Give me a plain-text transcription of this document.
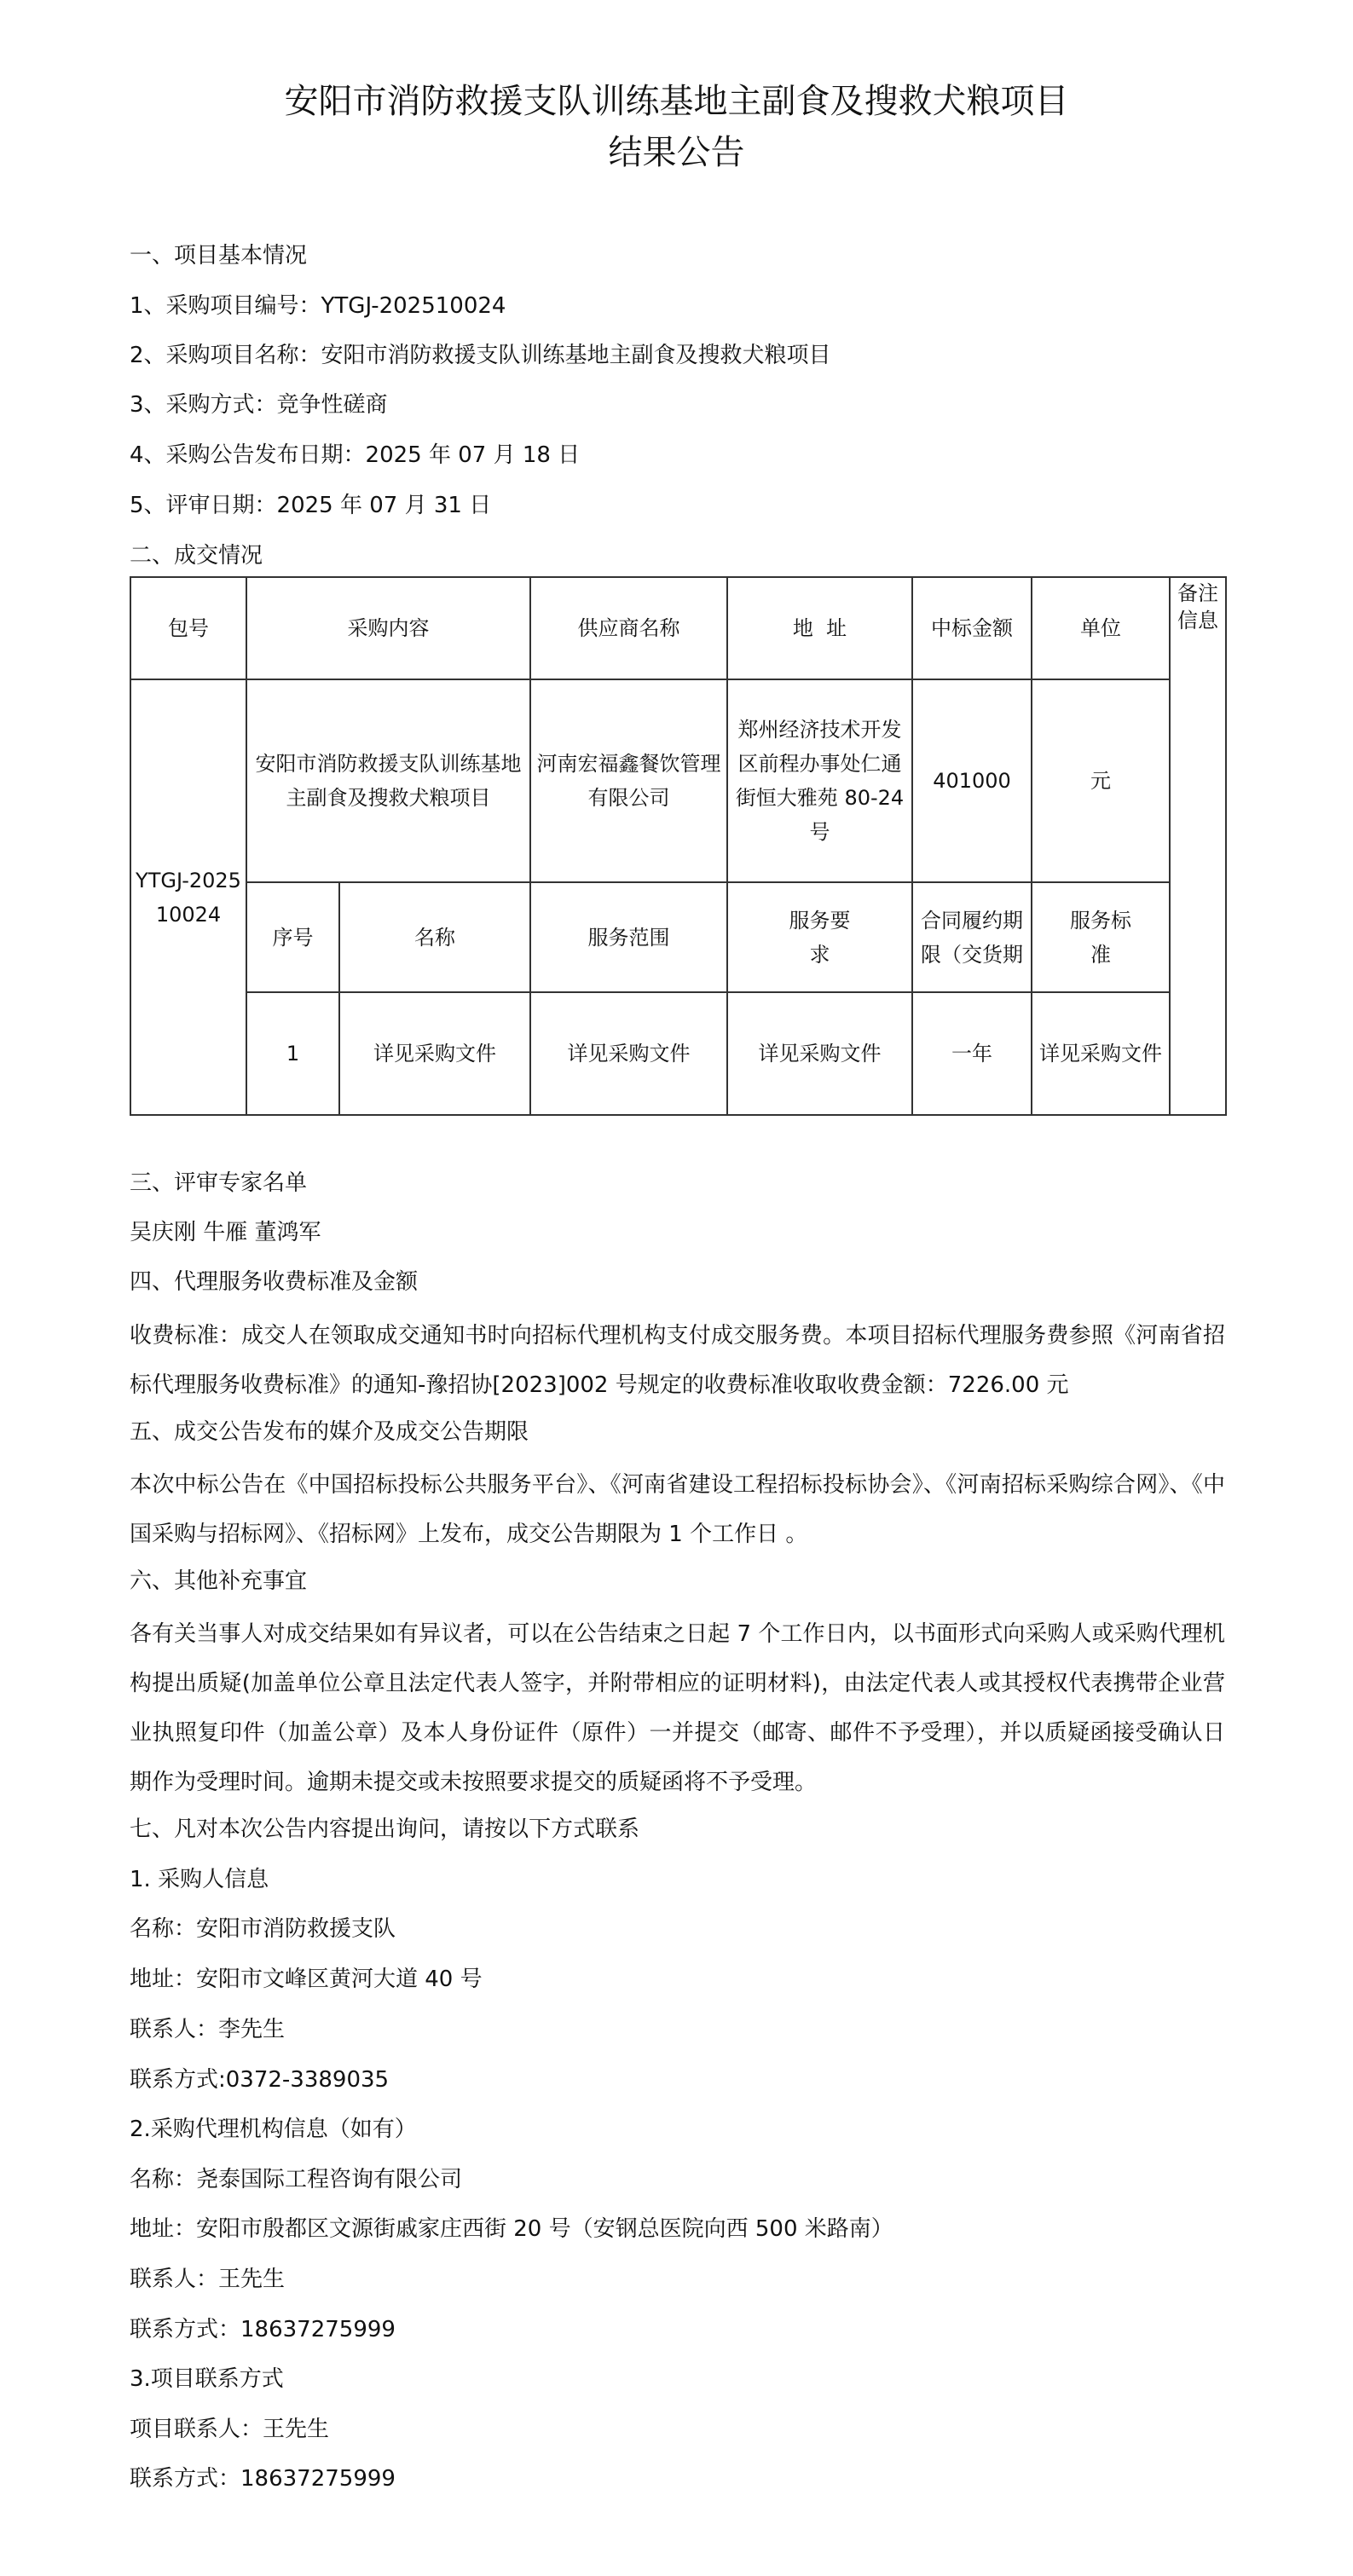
安阳市消防救援支队训练基地主副食及搜救犬粮项目
结果公告
一、项目基本情况
1、采购项目编号：YTGJ-202510024
2、采购项目名称：安阳市消防救援支队训练基地主副食及搜救犬粮项目
3、采购方式：竞争性磋商
4、采购公告发布日期：2025 年 07 月 18 日
5、评审日期：2025 年 07 月 31 日
二、成交情况
包号	采购内容		供应商名称	地  址	中标金额	单位	备注信息
YTGJ-202510024	安阳市消防救援支队训练基地主副食及搜救犬粮项目		河南宏福鑫餐饮管理有限公司	郑州经济技术开发区前程办事处仁通街恒大雅苑 80-24 号	401000	元	
	序号	名称	服务范围	服务要求	合同履约期限（交货期	服务标准	
	1	详见采购文件	详见采购文件	详见采购文件	一年	详见采购文件	
三、评审专家名单
吴庆刚 牛雁 董鸿军
四、代理服务收费标准及金额
收费标准：成交人在领取成交通知书时向招标代理机构支付成交服务费。本项目招标代理服务费参照《河南省招标代理服务收费标准》的通知-豫招协[2023]002 号规定的收费标准收取收费金额：7226.00 元
五、成交公告发布的媒介及成交公告期限
本次中标公告在《中国招标投标公共服务平台》、《河南省建设工程招标投标协会》、《河南招标采购综合网》、《中国采购与招标网》、《招标网》上发布，成交公告期限为 1 个工作日 。
六、其他补充事宜
各有关当事人对成交结果如有异议者，可以在公告结束之日起 7 个工作日内，以书面形式向采购人或采购代理机构提出质疑(加盖单位公章且法定代表人签字，并附带相应的证明材料)，由法定代表人或其授权代表携带企业营业执照复印件（加盖公章）及本人身份证件（原件）一并提交（邮寄、邮件不予受理），并以质疑函接受确认日期作为受理时间。逾期未提交或未按照要求提交的质疑函将不予受理。
七、凡对本次公告内容提出询问，请按以下方式联系
1. 采购人信息
名称：安阳市消防救援支队
地址：安阳市文峰区黄河大道 40 号
联系人：李先生
联系方式:0372-3389035
2.采购代理机构信息（如有）
名称：尧泰国际工程咨询有限公司
地址：安阳市殷都区文源街戚家庄西街 20 号（安钢总医院向西 500 米路南）
联系人：王先生
联系方式：18637275999
3.项目联系方式
项目联系人：王先生
联系方式：18637275999
